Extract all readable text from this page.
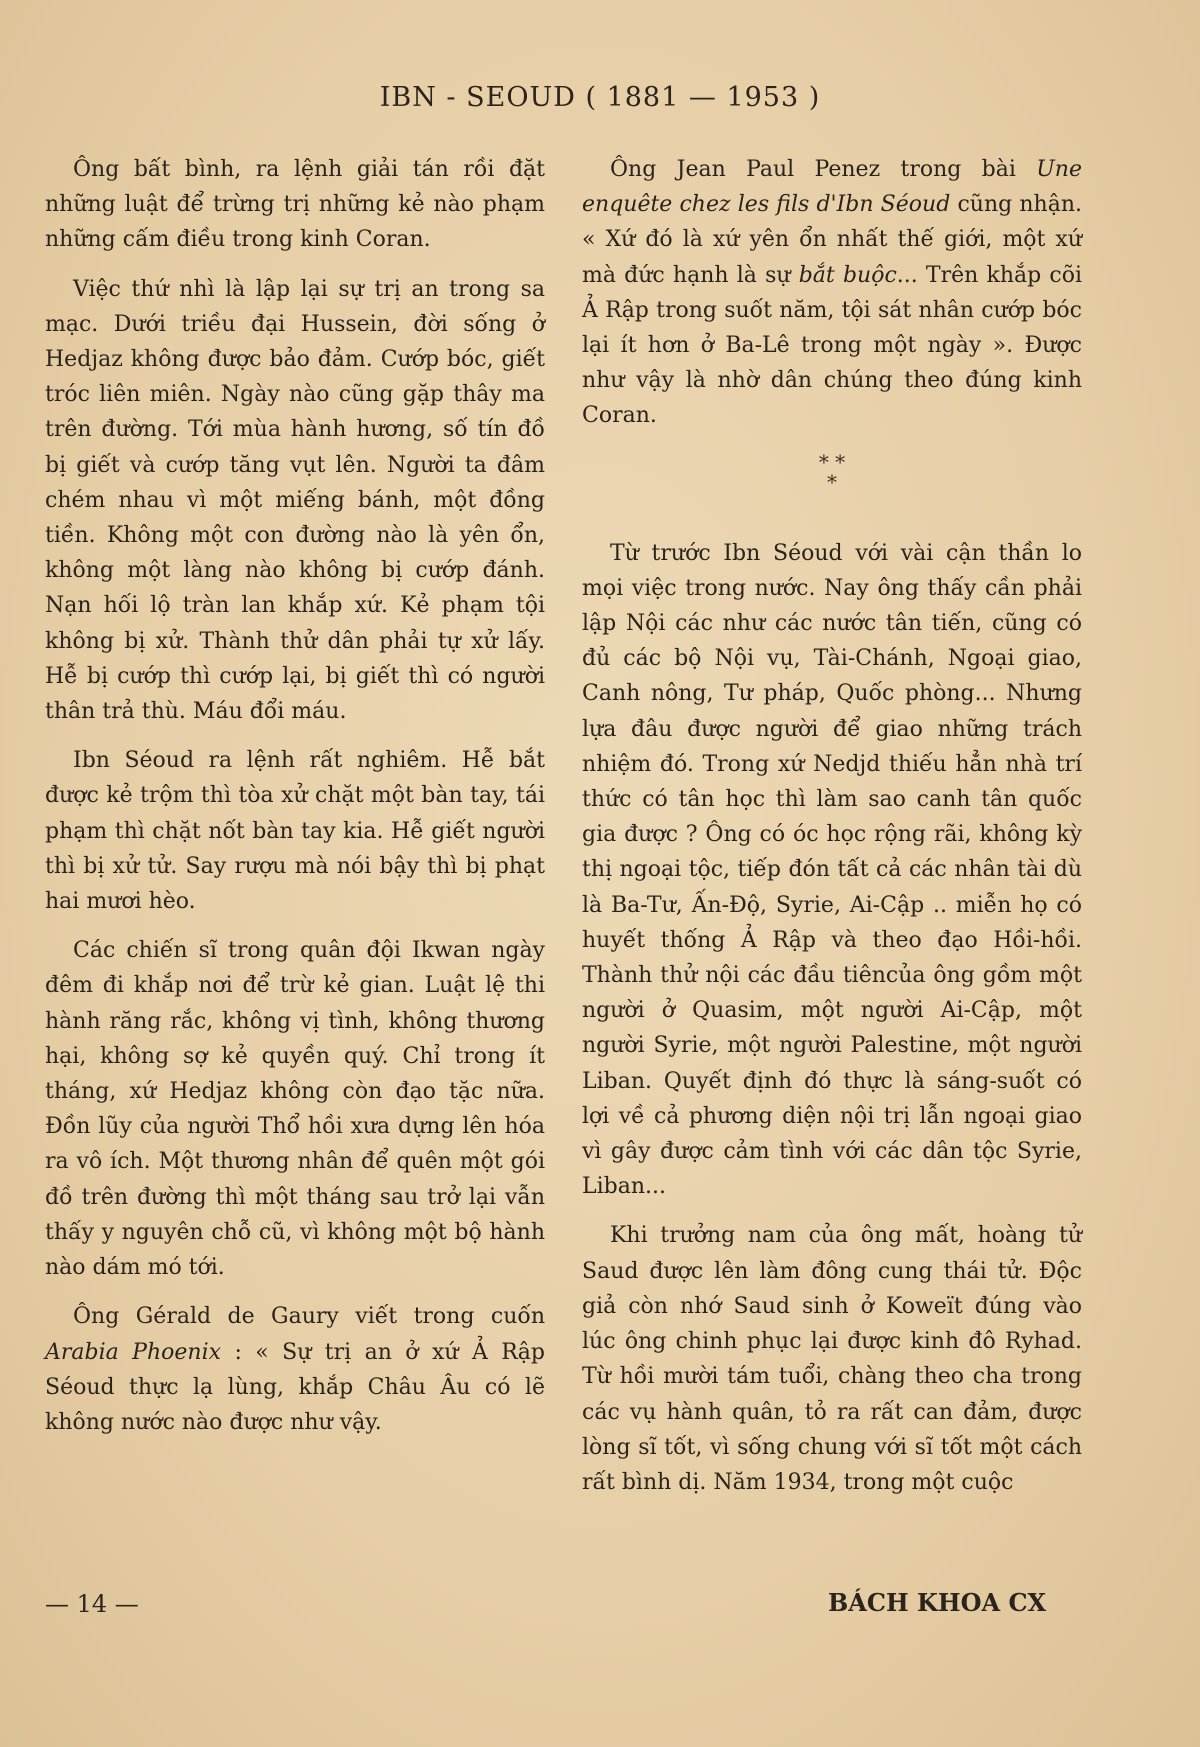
IBN - SEOUD ( 1881 — 1953 )

Ông bất bình, ra lệnh giải tán rồi đặt những luật để trừng trị những kẻ nào phạm những cấm điều trong kinh Coran.

Việc thứ nhì là lập lại sự trị an trong sa mạc. Dưới triều đại Hussein, đời sống ở Hedjaz không được bảo đảm. Cướp bóc, giết tróc liên miên. Ngày nào cũng gặp thây ma trên đường. Tới mùa hành hương, số tín đồ bị giết và cướp tăng vụt lên. Người ta đâm chém nhau vì một miếng bánh, một đồng tiền. Không một con đường nào là yên ổn, không một làng nào không bị cướp đánh. Nạn hối lộ tràn lan khắp xứ. Kẻ phạm tội không bị xử. Thành thử dân phải tự xử lấy. Hễ bị cướp thì cướp lại, bị giết thì có người thân trả thù. Máu đổi máu.

Ibn Séoud ra lệnh rất nghiêm. Hễ bắt được kẻ trộm thì tòa xử chặt một bàn tay, tái phạm thì chặt nốt bàn tay kia. Hễ giết người thì bị xử tử. Say rượu mà nói bậy thì bị phạt hai mươi hèo.

Các chiến sĩ trong quân đội Ikwan ngày đêm đi khắp nơi để trừ kẻ gian. Luật lệ thi hành răng rắc, không vị tình, không thương hại, không sợ kẻ quyền quý. Chỉ trong ít tháng, xứ Hedjaz không còn đạo tặc nữa. Đồn lũy của người Thổ hồi xưa dựng lên hóa ra vô ích. Một thương nhân để quên một gói đồ trên đường thì một tháng sau trở lại vẫn thấy y nguyên chỗ cũ, vì không một bộ hành nào dám mó tới.

Ông Gérald de Gaury viết trong cuốn Arabia Phoenix : « Sự trị an ở xứ Ả Rập Séoud thực lạ lùng, khắp Châu Âu có lẽ không nước nào được như vậy.

Ông Jean Paul Penez trong bài Une enquête chez les fils d'Ibn Séoud cũng nhận. « Xứ đó là xứ yên ổn nhất thế giới, một xứ mà đức hạnh là sự bắt buộc... Trên khắp cõi Ả Rập trong suốt năm, tội sát nhân cướp bóc lại ít hơn ở Ba-Lê trong một ngày ». Được như vậy là nhờ dân chúng theo đúng kinh Coran.

* *
*

Từ trước Ibn Séoud với vài cận thần lo mọi việc trong nước. Nay ông thấy cần phải lập Nội các như các nước tân tiến, cũng có đủ các bộ Nội vụ, Tài-Chánh, Ngoại giao, Canh nông, Tư pháp, Quốc phòng... Nhưng lựa đâu được người để giao những trách nhiệm đó. Trong xứ Nedjd thiếu hẳn nhà trí thức có tân học thì làm sao canh tân quốc gia được ? Ông có óc học rộng rãi, không kỳ thị ngoại tộc, tiếp đón tất cả các nhân tài dù là Ba-Tư, Ấn-Độ, Syrie, Ai-Cập .. miễn họ có huyết thống Ả Rập và theo đạo Hồi-hồi. Thành thử nội các đầu tiêncủa ông gồm một người ở Quasim, một người Ai-Cập, một người Syrie, một người Palestine, một người Liban. Quyết định đó thực là sáng-suốt có lợi về cả phương diện nội trị lẫn ngoại giao vì gây được cảm tình với các dân tộc Syrie, Liban...

Khi trưởng nam của ông mất, hoàng tử Saud được lên làm đông cung thái tử. Độc giả còn nhớ Saud sinh ở Koweït đúng vào lúc ông chinh phục lại được kinh đô Ryhad. Từ hồi mười tám tuổi, chàng theo cha trong các vụ hành quân, tỏ ra rất can đảm, được lòng sĩ tốt, vì sống chung với sĩ tốt một cách rất bình dị. Năm 1934, trong một cuộc

— 14 —	BÁCH KHOA CX
